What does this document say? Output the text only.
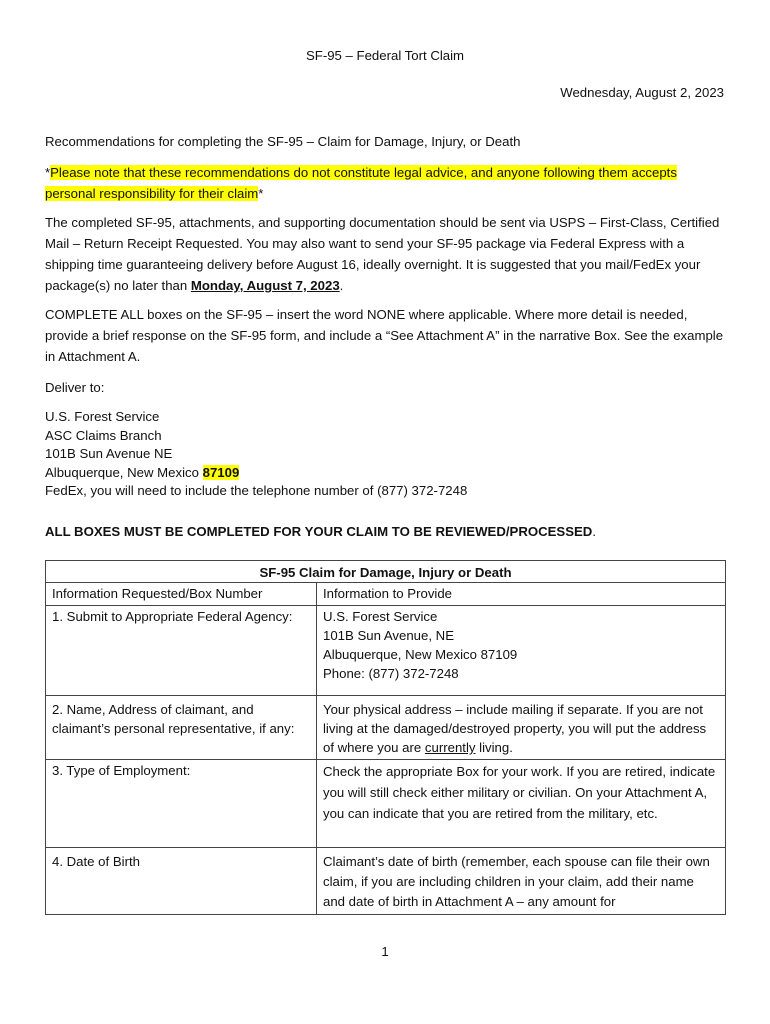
SF-95 – Federal Tort Claim
Wednesday, August 2, 2023
Recommendations for completing the SF-95 – Claim for Damage, Injury, or Death
*Please note that these recommendations do not constitute legal advice, and anyone following them accepts personal responsibility for their claim*
The completed SF-95, attachments, and supporting documentation should be sent via USPS – First-Class, Certified Mail – Return Receipt Requested. You may also want to send your SF-95 package via Federal Express with a shipping time guaranteeing delivery before August 16, ideally overnight. It is suggested that you mail/FedEx your package(s) no later than Monday, August 7, 2023.
COMPLETE ALL boxes on the SF-95 – insert the word NONE where applicable. Where more detail is needed, provide a brief response on the SF-95 form, and include a “See Attachment A” in the narrative Box. See the example in Attachment A.
Deliver to:
U.S. Forest Service
ASC Claims Branch
101B Sun Avenue NE
Albuquerque, New Mexico 87109
FedEx, you will need to include the telephone number of (877) 372-7248
ALL BOXES MUST BE COMPLETED FOR YOUR CLAIM TO BE REVIEWED/PROCESSED.
SF-95 Claim for Damage, Injury or Death	
Information Requested/Box Number	Information to Provide
1. Submit to Appropriate Federal Agency:	U.S. Forest Service
101B Sun Avenue, NE
Albuquerque, New Mexico 87109
Phone: (877) 372-7248

2. Name, Address of claimant, and claimant’s personal representative, if any:	Your physical address – include mailing if separate. If you are not living at the damaged/destroyed property, you will put the address of where you are currently living.
3. Type of Employment:	Check the appropriate Box for your work. If you are retired, indicate you will still check either military or civilian. On your Attachment A, you can indicate that you are retired from the military, etc.
4. Date of Birth	Claimant’s date of birth (remember, each spouse can file their own claim, if you are including children in your claim, add their name and date of birth in Attachment A – any amount for
1
